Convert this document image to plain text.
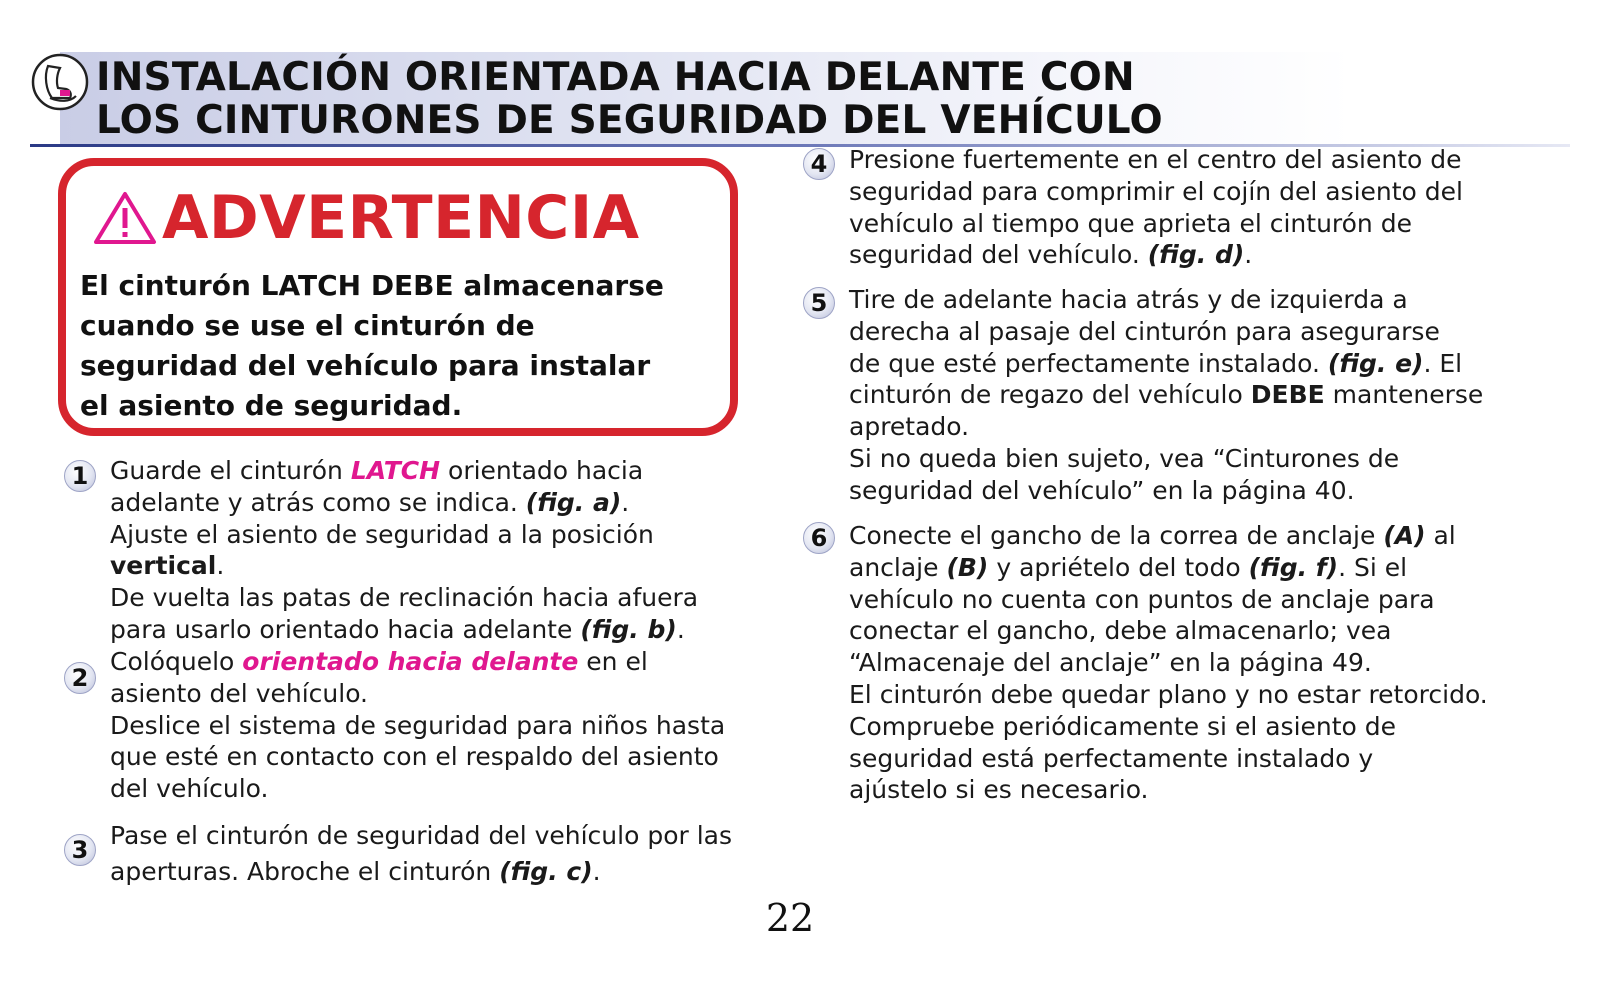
INSTALACIÓN ORIENTADA HACIA DELANTE CON
LOS CINTURONES DE SEGURIDAD DEL VEHÍCULO
ADVERTENCIA

El cinturón LATCH DEBE almacenarse
cuando se use el cinturón de
seguridad del vehículo para instalar
el asiento de seguridad.

1 Guarde el cinturón LATCH orientado hacia
adelante y atrás como se indica. (fig. a).
Ajuste el asiento de seguridad a la posición
vertical.
De vuelta las patas de reclinación hacia afuera
para usarlo orientado hacia adelante (fig. b).
2
Colóquelo orientado hacia delante en el
asiento del vehículo.
Deslice el sistema de seguridad para niños hasta
que esté en contacto con el respaldo del asiento
del vehículo.
3 Pase el cinturón de seguridad del vehículo por las
aperturas. Abroche el cinturón (fig. c).
4 Presione fuertemente en el centro del asiento de
seguridad para comprimir el cojín del asiento del
vehículo al tiempo que aprieta el cinturón de
seguridad del vehículo. (fig. d).
5 Tire de adelante hacia atrás y de izquierda a
derecha al pasaje del cinturón para asegurarse
de que esté perfectamente instalado. (fig. e). El
cinturón de regazo del vehículo DEBE mantenerse
apretado.
Si no queda bien sujeto, vea “Cinturones de
seguridad del vehículo” en la página 40.
6 Conecte el gancho de la correa de anclaje (A) al
anclaje (B) y apriételo del todo (fig. f). Si el
vehículo no cuenta con puntos de anclaje para
conectar el gancho, debe almacenarlo; vea
“Almacenaje del anclaje” en la página 49.
El cinturón debe quedar plano y no estar retorcido.
Compruebe periódicamente si el asiento de
seguridad está perfectamente instalado y
ajústelo si es necesario.
22
